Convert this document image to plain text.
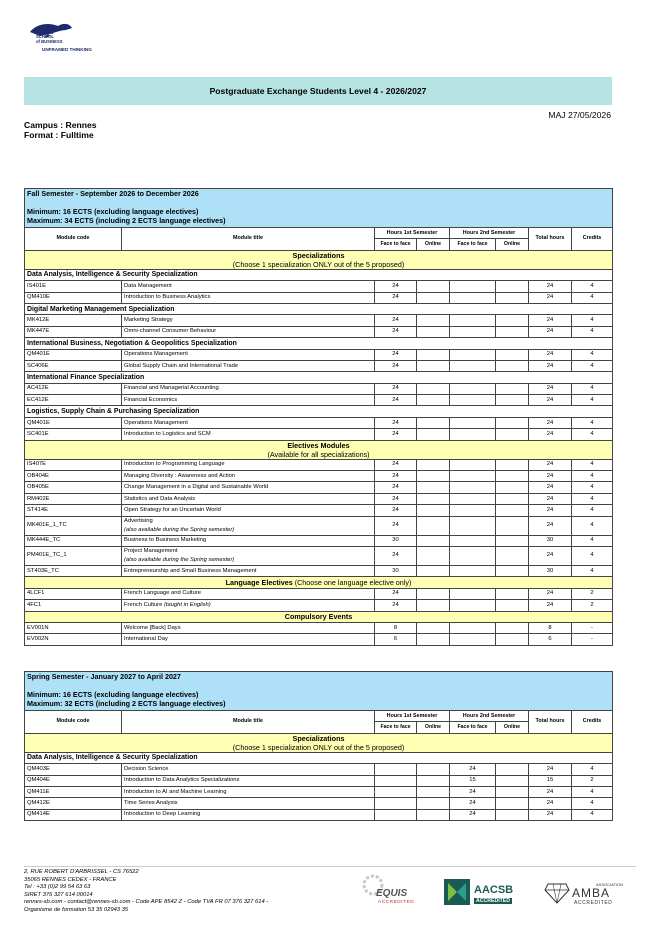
RENNES
SCHOOL
of BUSINESS
UNFRAMED THINKING
Postgraduate Exchange Students Level 4 - 2026/2027
MAJ 27/05/2026
Campus : Rennes
Format : Fulltime
Fall Semester - September 2026 to December 2026
Minimum: 16 ECTS (excluding language electives)
Maximum: 34 ECTS (including 2 ECTS language electives)							

Module code	Module title	Hours 1st Semester		Hours 2nd Semester		Total hours	Credits
		Face to face	Online	Face to face	Online		
Specializations
(Choose 1 specialization ONLY out of the 5 proposed)							

Data Analysis, Intelligence & Security Specialization							
IS401E	Data Management	24				24	4
QM410E	Introduction to Business Analytics	24				24	4
Digital Marketing Management Specialization							
MK412E	Marketing Strategy	24				24	4
MK447E	Omni-channel Consumer Behaviour	24				24	4
International Business, Negotiation & Geopolitics Specialization							
QM401E	Operations Management	24				24	4
SC406E	Global Supply Chain and International Trade	24				24	4
International Finance Specialization							
AC412E	Financial and Managerial Accounting	24				24	4
EC412E	Financial Economics	24				24	4
Logistics, Supply Chain & Purchasing Specialization							
QM401E	Operations Management	24				24	4
SC401E	Introduction to Logistics and SCM	24				24	4
Electives Modules
(Available for all specializations)							

IS407E	Introduction to Programming Language	24				24	4
OB404E	Managing Diversity : Awareness and Action	24				24	4
OB405E	Change Management in a Digital and Sustainable World	24				24	4
RM402E	Statistics and Data Analysis	24				24	4
ST414E	Open Strategy for an Uncertain World	24				24	4
MK401E_1_TC	Advertising
(also available during the Spring semester)	24				24	4
MK444E_TC	Business to Business Marketing	30				30	4
PM401E_TC_1	Project Management
(also available during the Spring semester)	24				24	4
ST403E_TC	Entrepreneurship and Small Business Management	30				30	4
Language Electives (Choose one language elective only)							
4LCF1	French Language and Culture	24				24	2
4FC1	French Culture (taught in English)	24				24	2
Compulsory Events							
EV001N	Welcome [Back] Days	8				8	-
EV002N	International Day	6				6	-
Spring Semester - January 2027 to April 2027
Minimum: 16 ECTS (excluding language electives)
Maximum: 32 ECTS (including 2 ECTS language electives)							

Module code	Module title	Hours 1st Semester		Hours 2nd Semester		Total hours	Credits
		Face to face	Online	Face to face	Online		
Specializations
(Choose 1 specialization ONLY out of the 5 proposed)							

Data Analysis, Intelligence & Security Specialization							
QM403E	Decision Science			24		24	4
QM404E	Introduction to Data Analytics Specializations			15		15	2
QM411E	Introduction to AI and Machine Learning			24		24	4
QM412E	Time Series Analysis			24		24	4
QM414E	Introduction to Deep Learning			24		24	4
2, RUE ROBERT D'ARBRISSEL - CS 76522
35065 RENNES CEDEX - FRANCE
Tel : +33 (0)2 99 54 63 63
SIRET 376 327 614 00014
rennes-sb.com - contact@rennes-sb.com - Code APE 8542 Z - Code TVA FR 07 376 327 614 -
Organisme de formation 53 35 02943 35
EQUIS
ACCREDITED
AACSB
ACCREDITED
ASSOCIATION
AMBA
ACCREDITED
